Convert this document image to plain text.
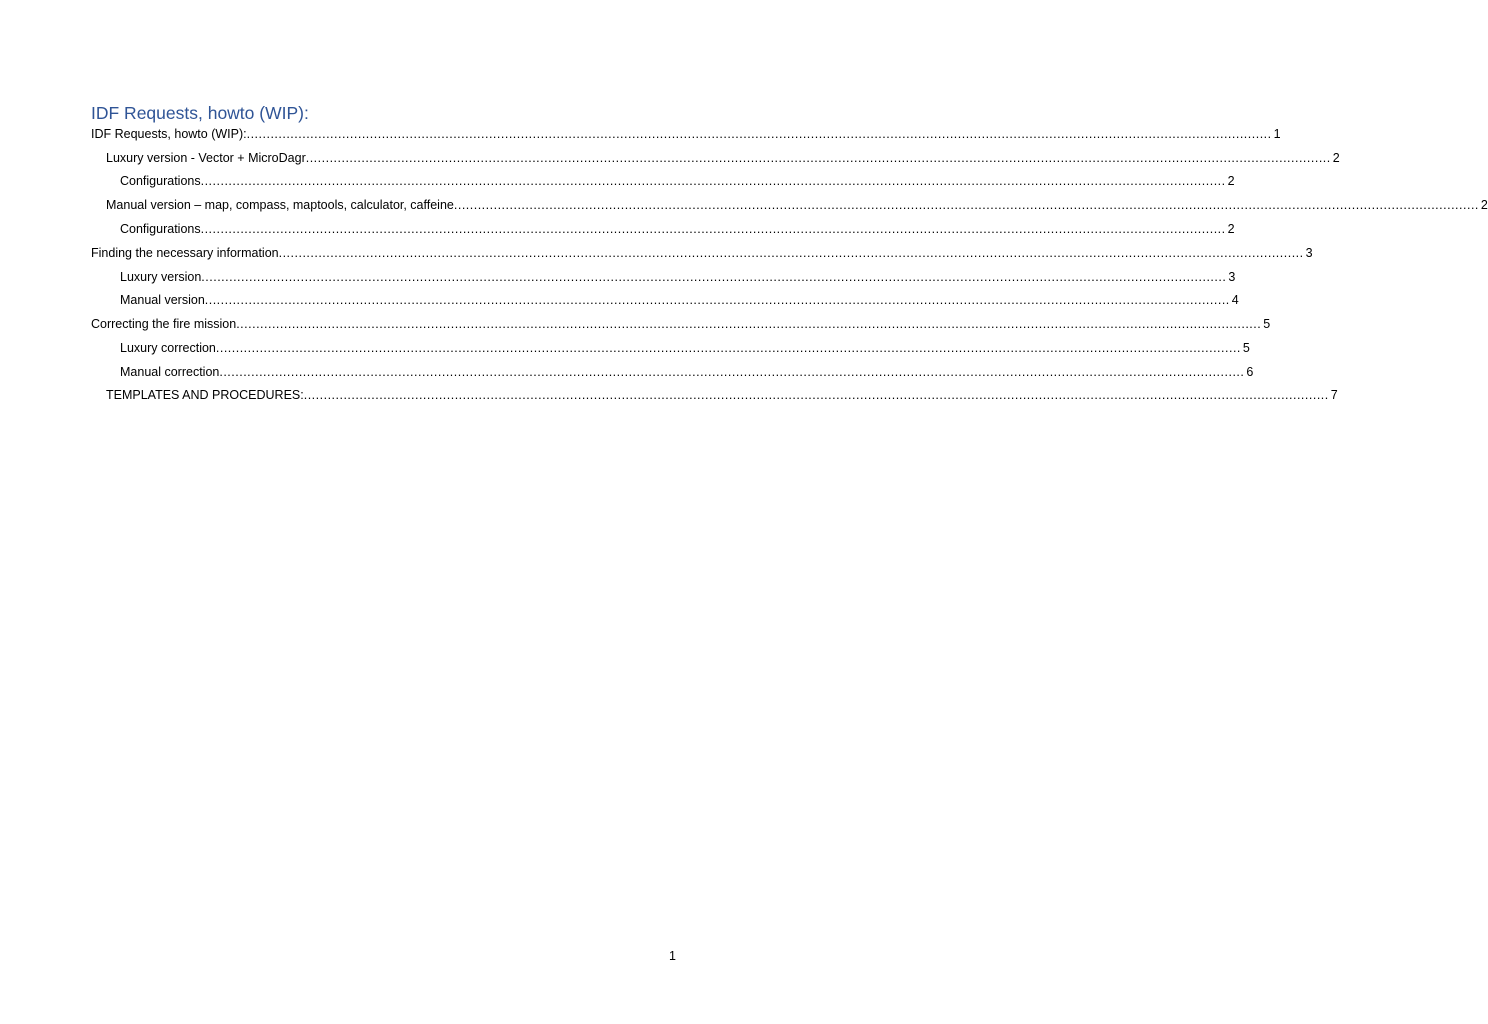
IDF Requests, howto (WIP):
IDF Requests, howto (WIP): .................................................................................................................................................................................................................................................................. 1
Luxury version - Vector + MicroDagr .................................................................................................................................................................................................................................................................. 2
Configurations .................................................................................................................................................................................................................................................................. 2
Manual version – map, compass, maptools, calculator, caffeine .................................................................................................................................................................................................................................................................. 2
Configurations .................................................................................................................................................................................................................................................................. 2
Finding the necessary information .................................................................................................................................................................................................................................................................. 3
Luxury version .................................................................................................................................................................................................................................................................. 3
Manual version .................................................................................................................................................................................................................................................................. 4
Correcting the fire mission .................................................................................................................................................................................................................................................................. 5
Luxury correction .................................................................................................................................................................................................................................................................. 5
Manual correction .................................................................................................................................................................................................................................................................. 6
TEMPLATES AND PROCEDURES: .................................................................................................................................................................................................................................................................. 7
1
